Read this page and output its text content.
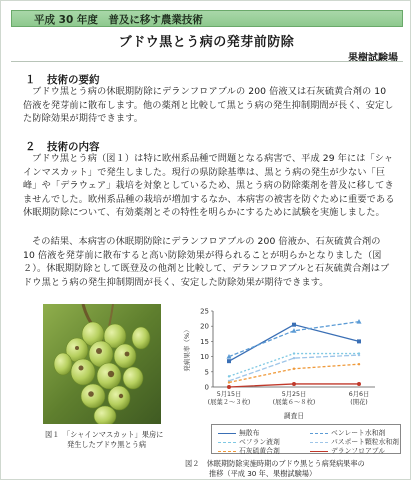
平成 30 年度　普及に移す農業技術
ブドウ黒とう病の発芽前防除
果樹試験場
１ 技術の要約
ブドウ黒とう病の休眠期防除にデランフロアブルの 200 倍液又は石灰硫黄合剤の 10 倍液を発芽前に散布します。他の薬剤と比較して黒とう病の発生抑制期間が長く、安定した防除効果が期待できます。
２ 技術の内容
ブドウ黒とう病（図１）は特に欧州系品種で問題となる病害で、平成 29 年には「シャインマスカット」で発生しました。現行の県防除基準は、黒とう病の発生が少ない「巨峰」や「デラウェア」栽培を対象としているため、黒とう病の防除薬剤を普及に移してきませんでした。欧州系品種の栽培が増加するなか、本病害の被害を防ぐために重要である休眠期防除について、有効薬剤とその特性を明らかにするために試験を実施しました。
その結果、本病害の休眠期防除にデランフロアブルの 200 倍液か、石灰硫黄合剤の 10 倍液を発芽前に散布すると高い防除効果が得られることが明らかとなりました（図２）。休眠期防除として既登及の他剤と比較して、デランフロアブルと石灰硫黄合剤はブドウ黒とう病の発生抑制期間が長く、安定した防除効果が期待できます。
図１　「シャインマスカット」果房に
発生したブドウ黒とう病
0
5
10
15
20
25
発病果率（%）
5月15日
(展葉２～３枚)
5月25日
(展葉６～８枚)
6月6日
(開花)
調査日
無散布	ベンレート水和剤
ベフラン液剤	パスポート顆粒水和剤
石灰硫黄合剤	デランフロアブル
図２　休眠期防除実施時期のブドウ黒とう病発病果率の
推移（平成 30 年、果樹試験場）
